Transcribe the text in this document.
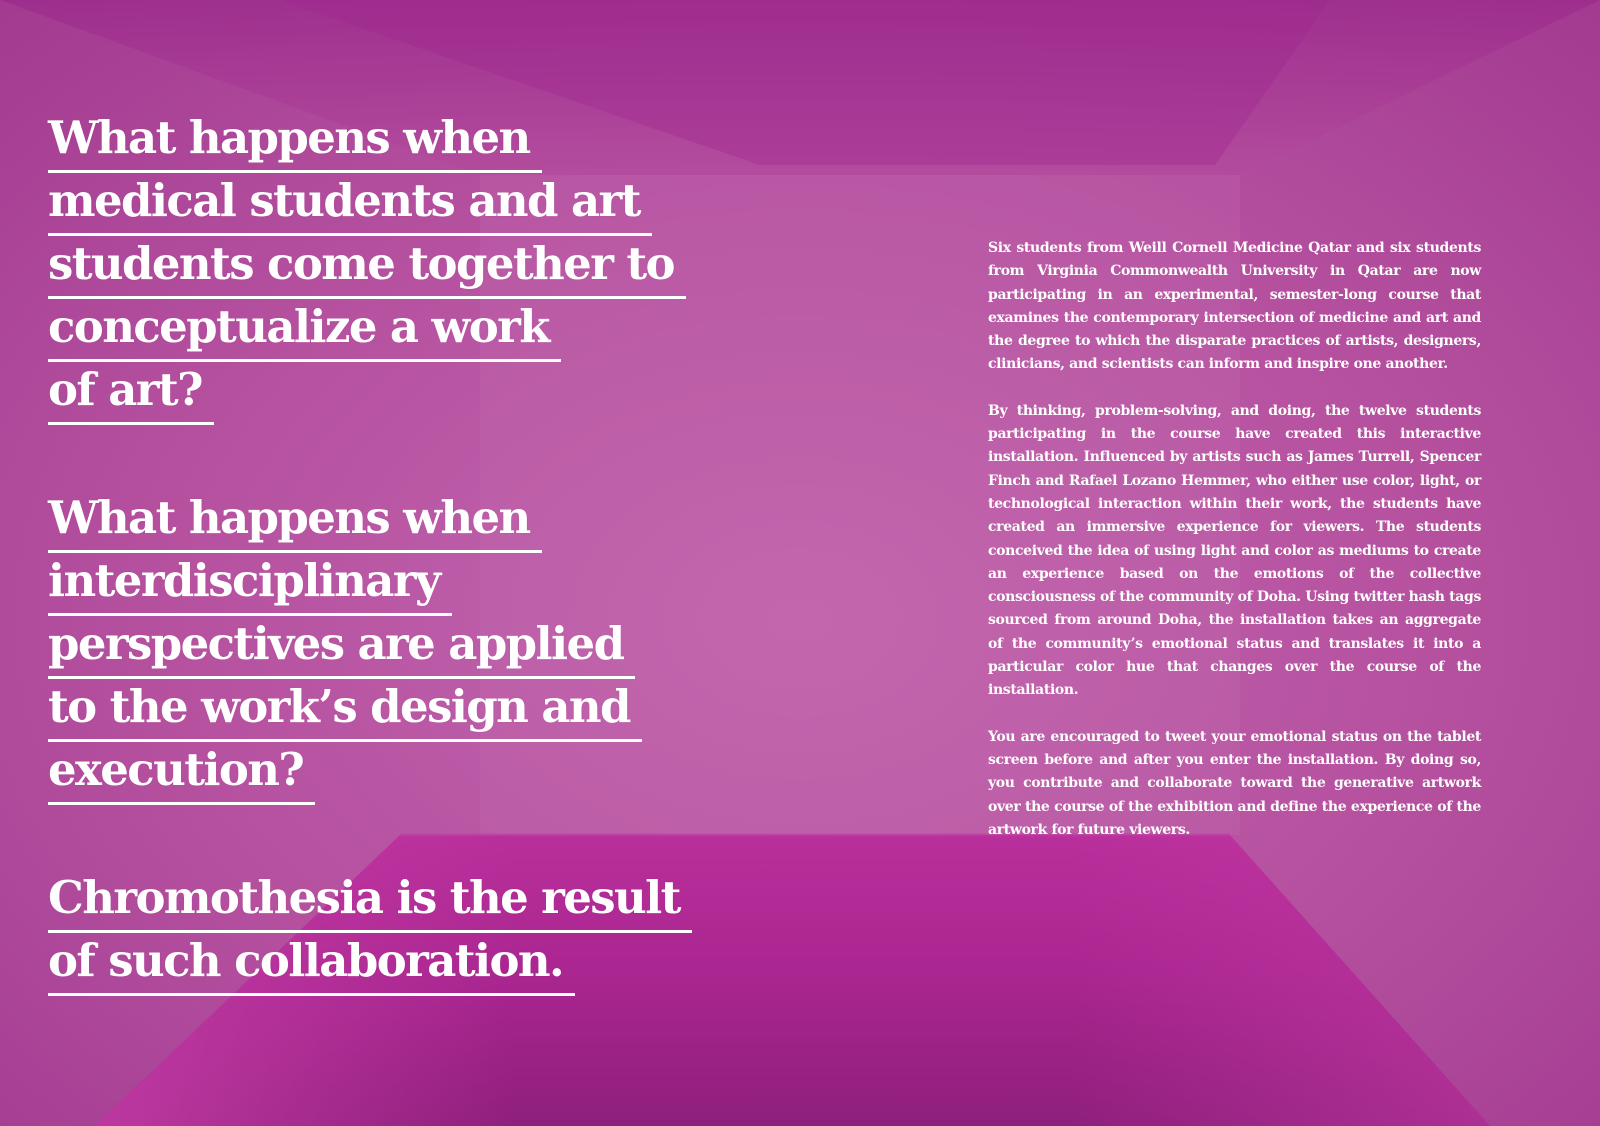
What happens when
medical students and art
students come together to
conceptualize a work
of art?
What happens when
interdisciplinary
perspectives are applied
to the work’s design and
execution?
Chromothesia is the result
of such collaboration.

Six students from Weill Cornell Medicine Qatar and six students from Virginia Commonwealth University in Qatar are now participating in an experimental, semester-long course that examines the contemporary intersection of medicine and art and the degree to which the disparate practices of artists, designers, clinicians, and scientists can inform and inspire one another.

By thinking, problem-solving, and doing, the twelve students participating in the course have created this interactive installation. Influenced by artists such as James Turrell, Spencer Finch and Rafael Lozano Hemmer, who either use color, light, or technological interaction within their work, the students have created an immersive experience for viewers. The students conceived the idea of using light and color as mediums to create an experience based on the emotions of the collective consciousness of the community of Doha. Using twitter hash tags sourced from around Doha, the installation takes an aggregate of the community’s emotional status and translates it into a particular color hue that changes over the course of the installation.

You are encouraged to tweet your emotional status on the tablet screen before and after you enter the installation. By doing so, you contribute and collaborate toward the generative artwork over the course of the exhibition and define the experience of the artwork for future viewers.
